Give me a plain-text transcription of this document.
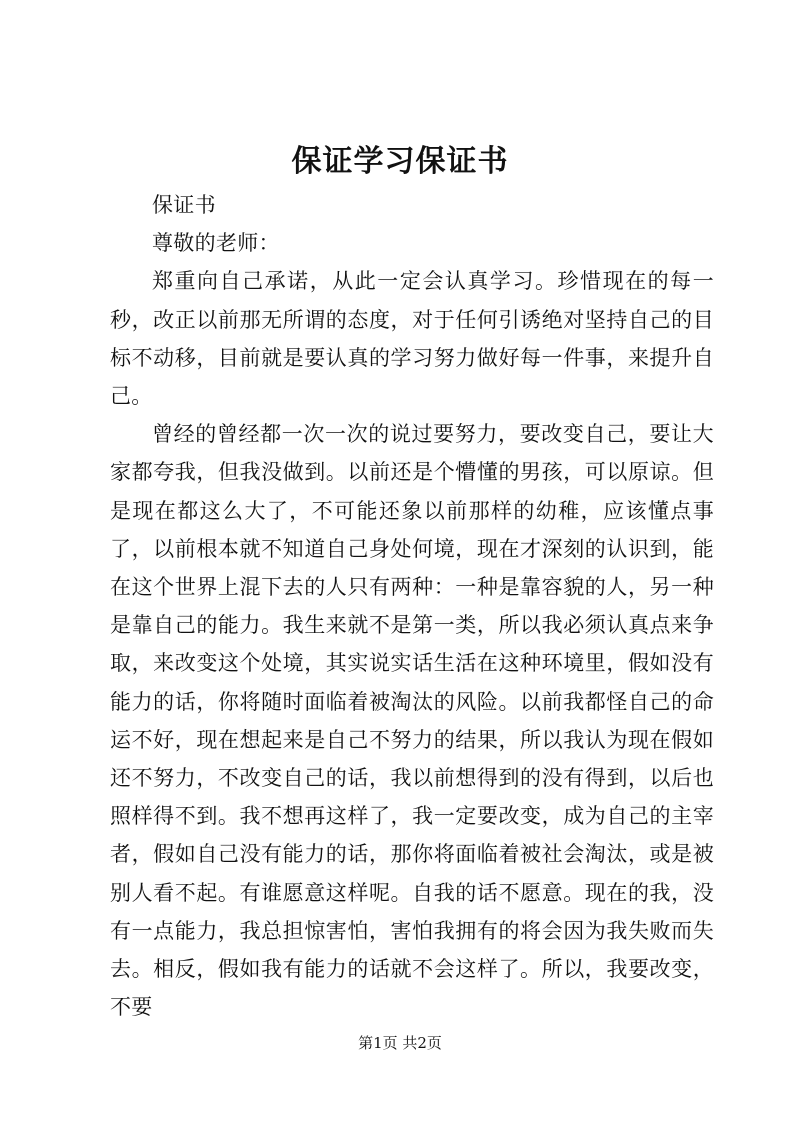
保证学习保证书

保证书

尊敬的老师：

郑重向自己承诺，从此一定会认真学习。珍惜现在的每一秒，改正以前那无所谓的态度，对于任何引诱绝对坚持自己的目标不动移，目前就是要认真的学习努力做好每一件事，来提升自己。

曾经的曾经都一次一次的说过要努力，要改变自己，要让大家都夸我，但我没做到。以前还是个懵懂的男孩，可以原谅。但是现在都这么大了，不可能还象以前那样的幼稚，应该懂点事了，以前根本就不知道自己身处何境，现在才深刻的认识到，能在这个世界上混下去的人只有两种：一种是靠容貌的人，另一种是靠自己的能力。我生来就不是第一类，所以我必须认真点来争取，来改变这个处境，其实说实话生活在这种环境里，假如没有能力的话，你将随时面临着被淘汰的风险。以前我都怪自己的命运不好，现在想起来是自己不努力的结果，所以我认为现在假如还不努力，不改变自己的话，我以前想得到的没有得到，以后也照样得不到。我不想再这样了，我一定要改变，成为自己的主宰者，假如自己没有能力的话，那你将面临着被社会淘汰，或是被别人看不起。有谁愿意这样呢。自我的话不愿意。现在的我，没有一点能力，我总担惊害怕，害怕我拥有的将会因为我失败而失去。相反，假如我有能力的话就不会这样了。所以，我要改变，不要

第1页 共2页
